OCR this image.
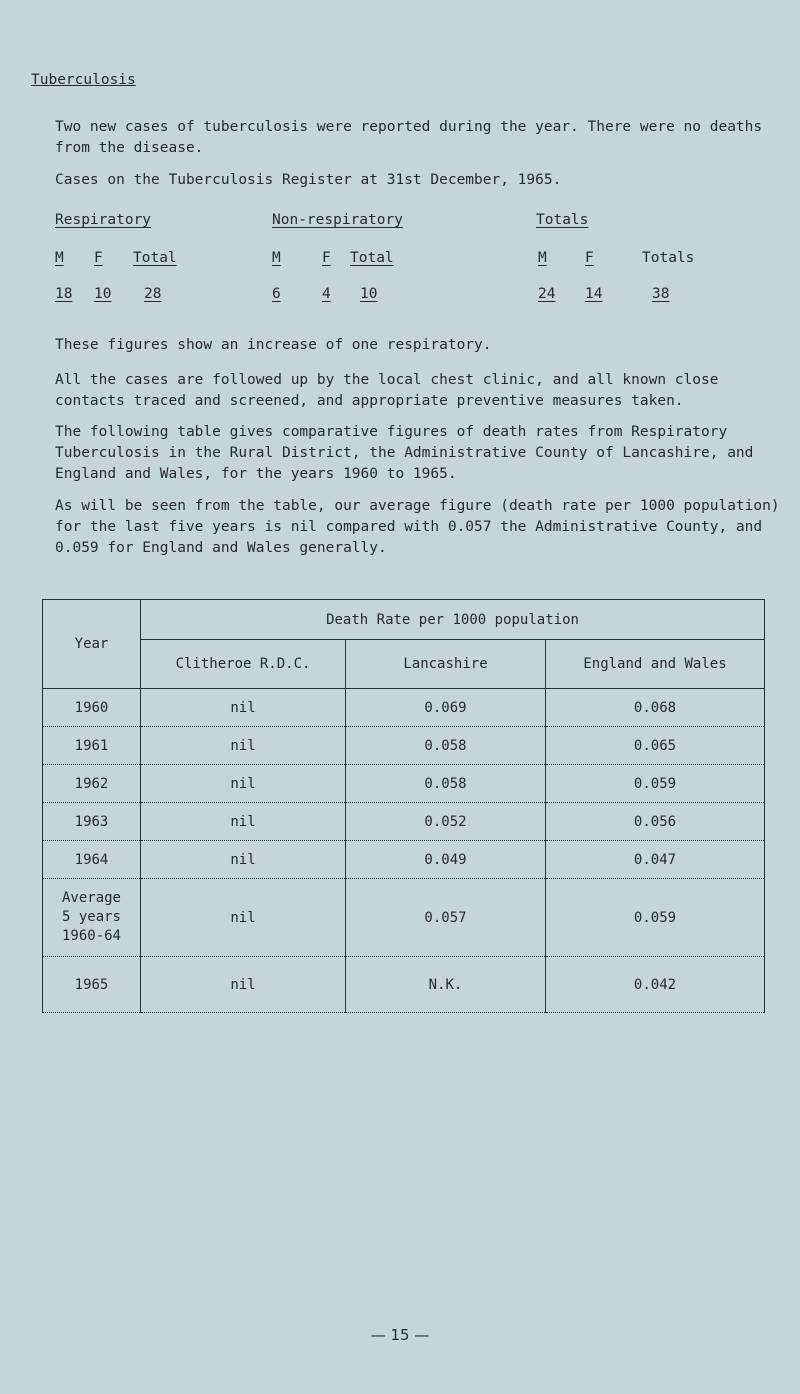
Tuberculosis
Two new cases of tuberculosis were reported during the year. There were no deaths from the disease.
Cases on the Tuberculosis Register at 31st December, 1965.
Respiratory	Non-respiratory	Totals
M F Total	M	F Total	M	F	Totals
18 10 28	6	4 10	24 14	38
These figures show an increase of one respiratory.
All the cases are followed up by the local chest clinic, and all known close contacts traced and screened, and appropriate preventive measures taken.
The following table gives comparative figures of death rates from Respiratory Tuberculosis in the Rural District, the Administrative County of Lancashire, and England and Wales, for the years 1960 to 1965.
As will be seen from the table, our average figure (death rate per 1000 population) for the last five years is nil compared with 0.057 the Administrative County, and 0.059 for England and Wales generally.
Year	Death Rate per 1000 population		
	Clitheroe R.D.C.	Lancashire	England and Wales
1960	nil	0.069	0.068
1961	nil	0.058	0.065
1962	nil	0.058	0.059
1963	nil	0.052	0.056
1964	nil	0.049	0.047

Average
5 years
1960-64	nil	0.057	0.059
1965	nil	N.K.	0.042
— 15 —
